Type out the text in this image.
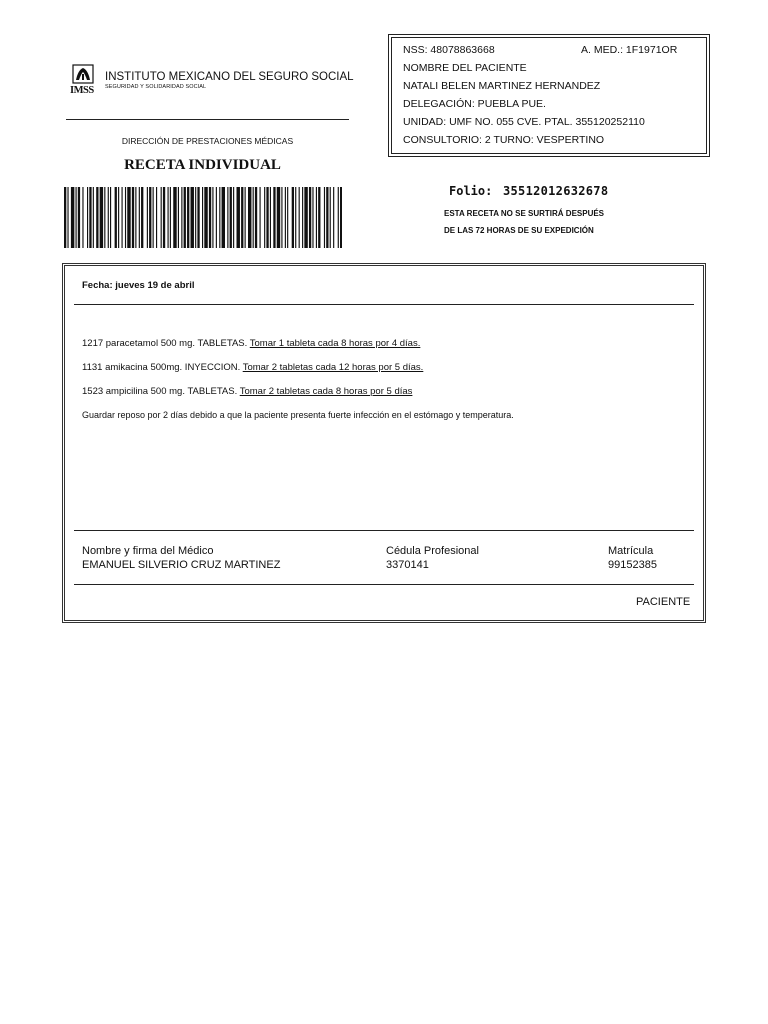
IMSS
INSTITUTO MEXICANO DEL SEGURO SOCIAL
SEGURIDAD Y SOLIDARIDAD SOCIAL
DIRECCIÓN DE PRESTACIONES MÉDICAS
RECETA INDIVIDUAL
NSS: 48078863668	A. MED.: 1F1971OR
NOMBRE DEL PACIENTE
NATALI BELEN MARTINEZ HERNANDEZ
DELEGACIÓN: PUEBLA PUE.
UNIDAD: UMF NO. 055 CVE. PTAL. 355120252110
CONSULTORIO: 2 TURNO: VESPERTINO
Folio: 35512012632678
ESTA RECETA NO SE SURTIRÁ DESPUÉS
DE LAS 72 HORAS DE SU EXPEDICIÓN
Fecha: jueves 19 de abril
1217 paracetamol 500 mg. TABLETAS. Tomar 1 tableta cada 8 horas por 4 días.
1131 amikacina 500mg. INYECCION. Tomar 2 tabletas cada 12 horas por 5 días.
1523 ampicilina 500 mg. TABLETAS. Tomar 2 tabletas cada 8 horas por 5 días
Guardar reposo por 2 días debido a que la paciente presenta fuerte infección en el estómago y temperatura.
Nombre y firma del Médico
EMANUEL SILVERIO CRUZ MARTINEZ
Cédula Profesional
3370141
Matrícula
99152385
PACIENTE
